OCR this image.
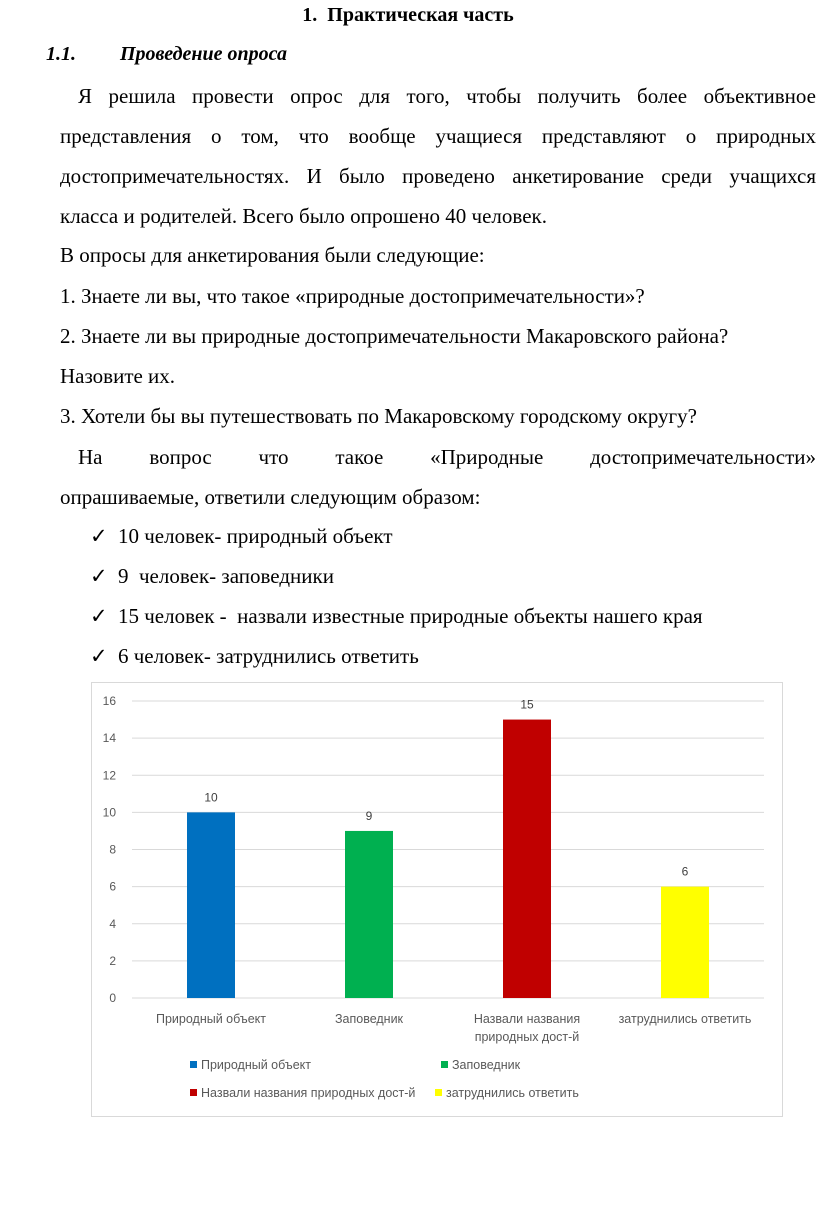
1. Практическая часть
1.1. Проведение опроса
Я решила провести опрос для того, чтобы получить более объективное
представления о том, что вообще учащиеся представляют о природных
достопримечательностях. И было проведено анкетирование среди учащихся
класса и родителей. Всего было опрошено 40 человек.
В опросы для анкетирования были следующие:
1. Знаете ли вы, что такое «природные достопримечательности»?
2. Знаете ли вы природные достопримечательности Макаровского района?
Назовите их.
3. Хотели бы вы путешествовать по Макаровскому городскому округу?
На вопрос что такое «Природные достопримечательности»
опрашиваемые, ответили следующим образом:
✓ 10 человек- природный объект
✓ 9  человек- заповедники
✓ 15 человек -  назвали известные природные объекты нашего края
✓ 6 человек- затруднились ответить
0
2
4
6
8
10
12
14
16
10
Природный объект
9
Заповедник
15
Назвали названия
природных дост-й
6
затруднились ответить
Природный объект	Заповедник
Назвали названия природных дост-й затруднились ответить
